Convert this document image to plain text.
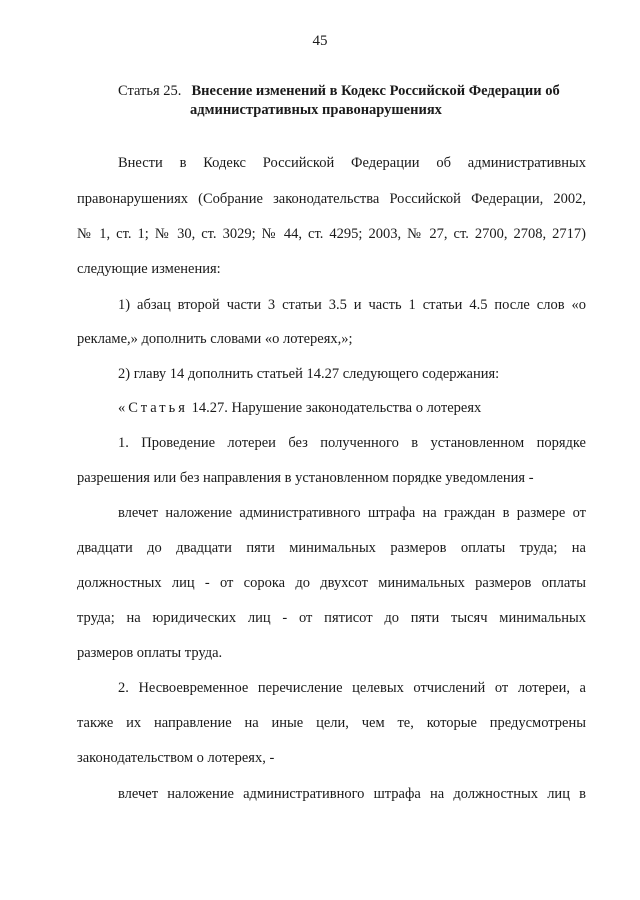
45
Статья 25. Внесение изменений в Кодекс Российской Федерации об
административных правонарушениях
Внести в Кодекс Российской Федерации об административных
правонарушениях (Собрание законодательства Российской Федерации, 2002,
№ 1, ст. 1; № 30, ст. 3029; № 44, ст. 4295; 2003, № 27, ст. 2700, 2708, 2717)
следующие изменения:
1) абзац второй части 3 статьи 3.5 и часть 1 статьи 4.5 после слов «о
рекламе,» дополнить словами «о лотереях,»;
2) главу 14 дополнить статьей 14.27 следующего содержания:
«Статья 14.27. Нарушение законодательства о лотереях
1. Проведение лотереи без полученного в установленном порядке
разрешения или без направления в установленном порядке уведомления -
влечет наложение административного штрафа на граждан в размере от
двадцати до двадцати пяти минимальных размеров оплаты труда; на
должностных лиц - от сорока до двухсот минимальных размеров оплаты
труда; на юридических лиц - от пятисот до пяти тысяч минимальных
размеров оплаты труда.
2. Несвоевременное перечисление целевых отчислений от лотереи, а
также их направление на иные цели, чем те, которые предусмотрены
законодательством о лотереях, -
влечет наложение административного штрафа на должностных лиц в
